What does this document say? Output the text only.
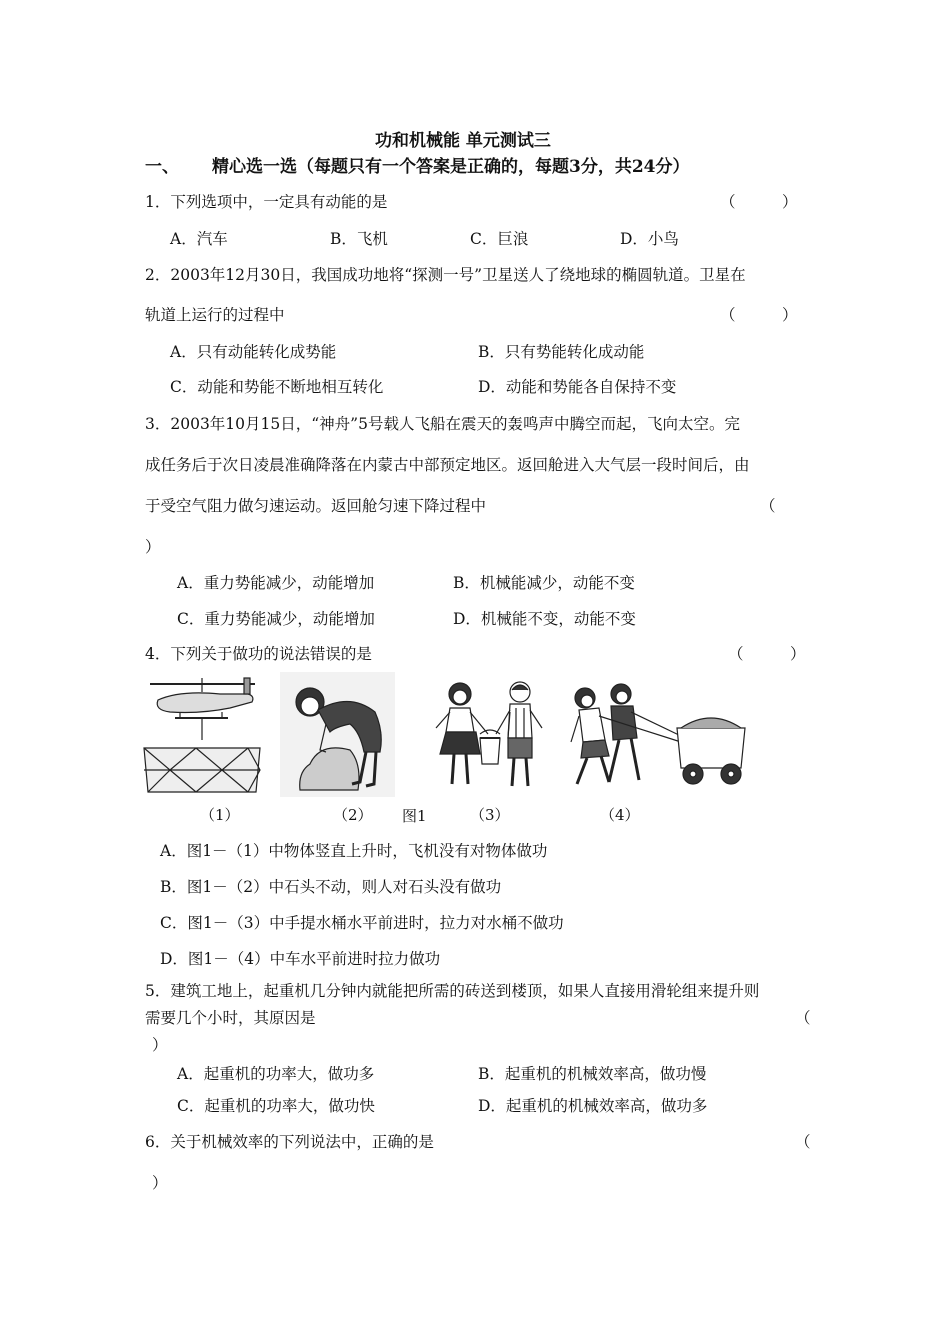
功和机械能 单元测试三
一、 精心选一选（每题只有一个答案是正确的，每题3分，共24分）
1．下列选项中，一定具有动能的是	（　　　）
A．汽车	B．飞机	C．巨浪	D．小鸟
2．2003年12月30日，我国成功地将“探测一号”卫星送人了绕地球的椭圆轨道。卫星在
轨道上运行的过程中	（　　　）
A．只有动能转化成势能	B．只有势能转化成动能
C．动能和势能不断地相互转化	D．动能和势能各自保持不变
3．2003年10月15日，“神舟”5号载人飞船在震天的轰鸣声中腾空而起，飞向太空。完
成任务后于次日凌晨准确降落在内蒙古中部预定地区。返回舱进入大气层一段时间后，由
于受空气阻力做匀速运动。返回舱匀速下降过程中	（
）
A．重力势能减少，动能增加	B．机械能减少，动能不变
C．重力势能减少，动能增加	D．机械能不变，动能不变
4．下列关于做功的说法错误的是	（　　　）
（1）	（2） 图1	（3）	（4）
A．图1－（1）中物体竖直上升时，飞机没有对物体做功
B．图1－（2）中石头不动，则人对石头没有做功
C．图1－（3）中手提水桶水平前进时，拉力对水桶不做功
D．图1－（4）中车水平前进时拉力做功
5．建筑工地上，起重机几分钟内就能把所需的砖送到楼顶，如果人直接用滑轮组来提升则
需要几个小时，其原因是	（
）
A．起重机的功率大，做功多	B．起重机的机械效率高，做功慢
C．起重机的功率大，做功快	D．起重机的机械效率高，做功多
6．关于机械效率的下列说法中，正确的是	（
）
